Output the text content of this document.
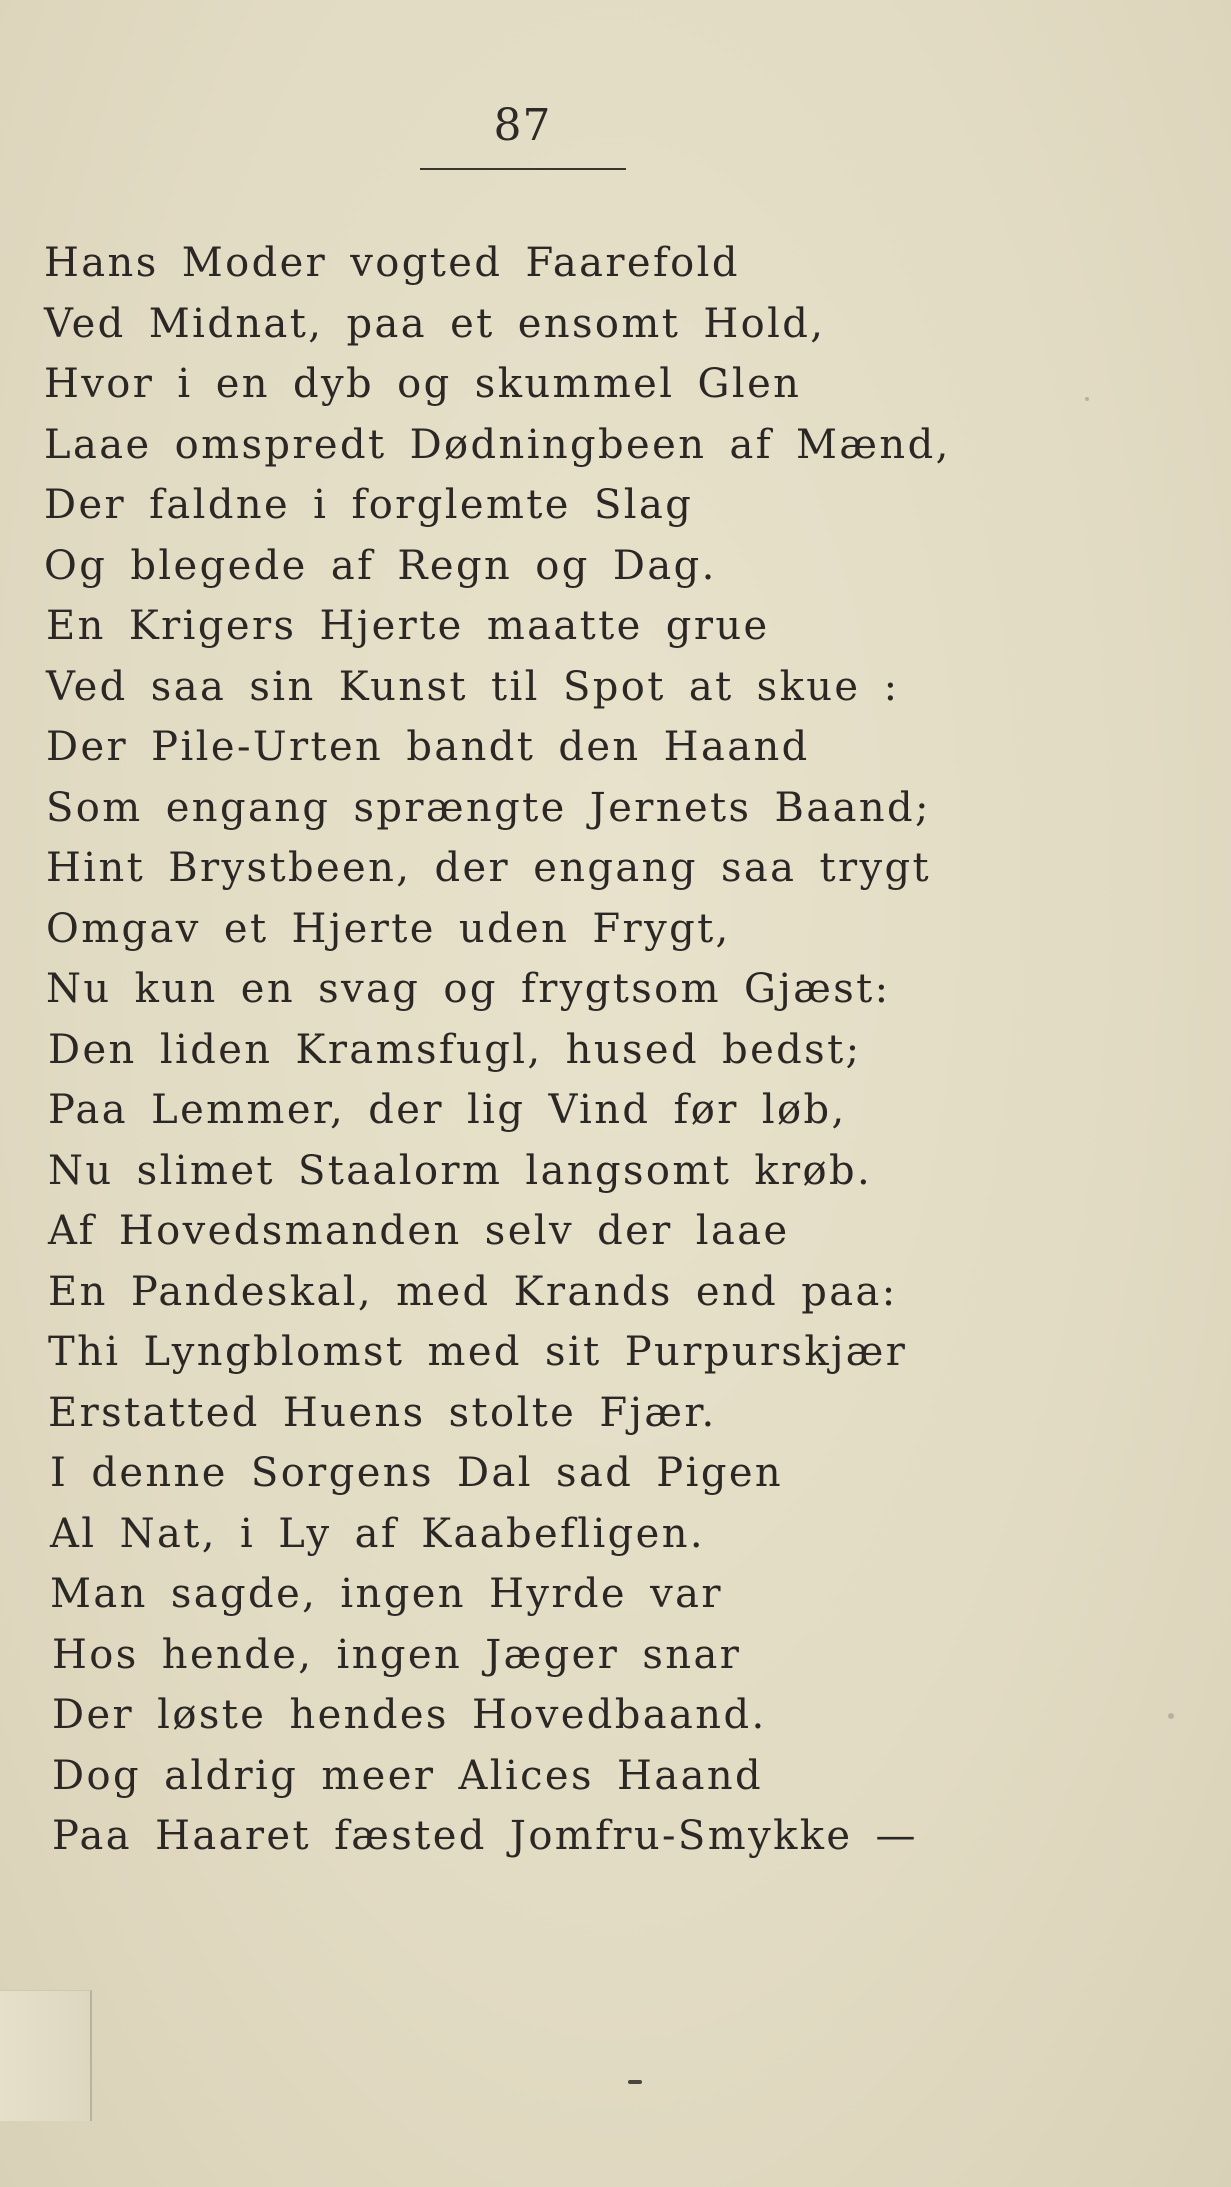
87
Hans Moder vogted Faarefold
Ved Midnat, paa et ensomt Hold,
Hvor i en dyb og skummel Glen
Laae omspredt Dødningbeen af Mænd,
Der faldne i forglemte Slag
Og blegede af Regn og Dag.
En Krigers Hjerte maatte grue
Ved saa sin Kunst til Spot at skue :
Der Pile-Urten bandt den Haand
Som engang sprængte Jernets Baand;
Hint Brystbeen, der engang saa trygt
Omgav et Hjerte uden Frygt,
Nu kun en svag og frygtsom Gjæst:
Den liden Kramsfugl, hused bedst;
Paa Lemmer, der lig Vind før løb,
Nu slimet Staalorm langsomt krøb.
Af Hovedsmanden selv der laae
En Pandeskal, med Krands end paa:
Thi Lyngblomst med sit Purpurskjær
Erstatted Huens stolte Fjær.
I denne Sorgens Dal sad Pigen
Al Nat, i Ly af Kaabefligen.
Man sagde, ingen Hyrde var
Hos hende, ingen Jæger snar
Der løste hendes Hovedbaand.
Dog aldrig meer Alices Haand
Paa Haaret fæsted Jomfru-Smykke —
